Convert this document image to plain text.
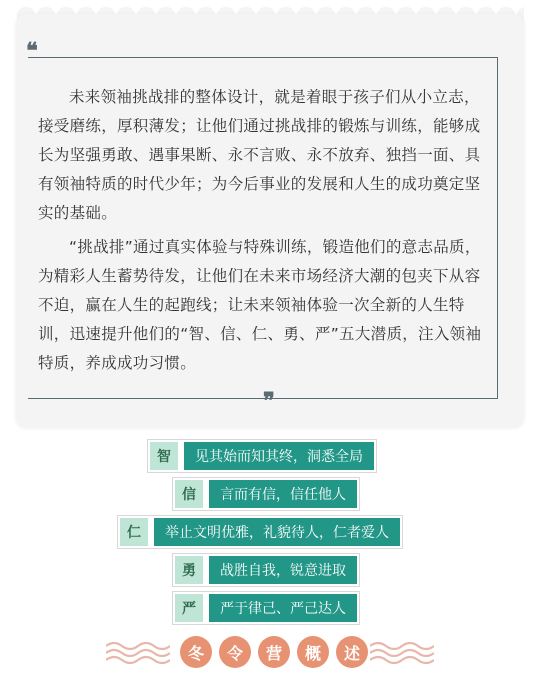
❝
❞

未来领袖挑战排的整体设计，就是着眼于孩子们从小立志，接受磨练，厚积薄发；让他们通过挑战排的锻炼与训练，能够成长为坚强勇敢、遇事果断、永不言败、永不放弃、独挡一面、具有领袖特质的时代少年；为今后事业的发展和人生的成功奠定坚实的基础。

“挑战排”通过真实体验与特殊训练，锻造他们的意志品质，为精彩人生蓄势待发，让他们在未来市场经济大潮的包夹下从容不迫，赢在人生的起跑线；让未来领袖体验一次全新的人生特训，迅速提升他们的“智、信、仁、勇、严”五大潜质，注入领袖特质，养成成功习惯。

智	见其始而知其终，洞悉全局
信	言而有信，信任他人
仁	举止文明优雅，礼貌待人，仁者爱人
勇	战胜自我，锐意进取
严	严于律己、严己达人
冬	令	营	概	述
